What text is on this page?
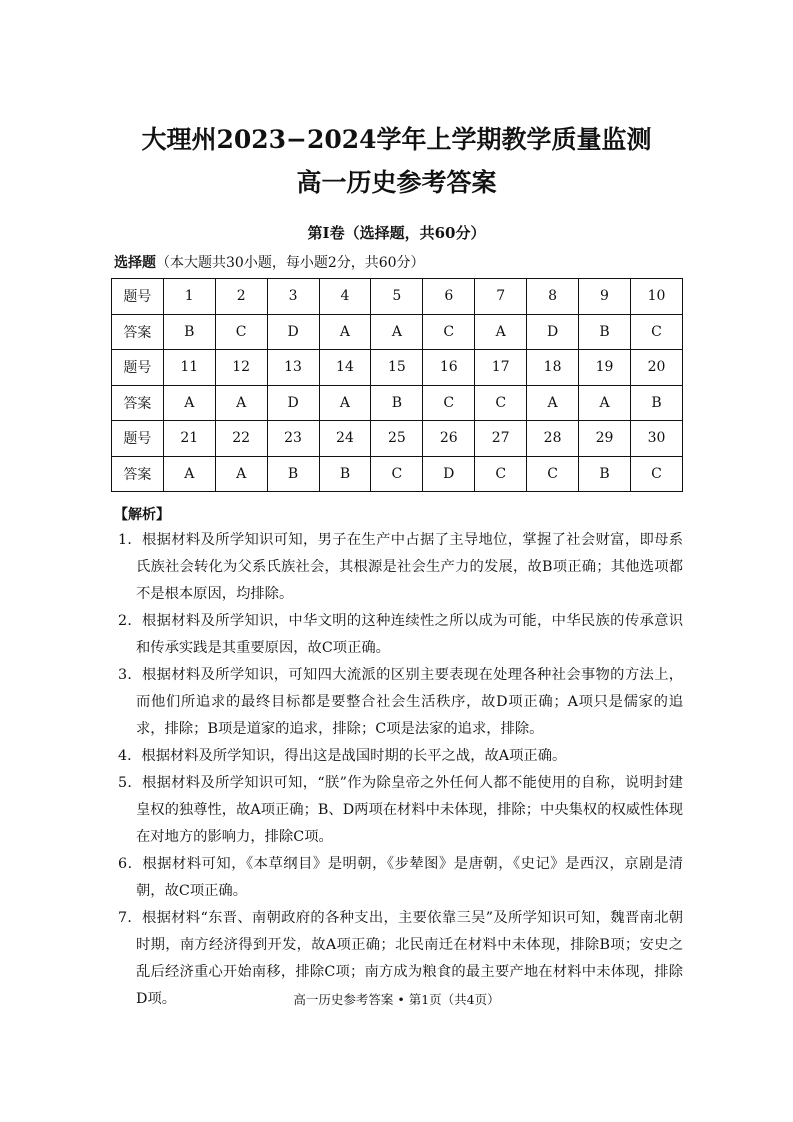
大理州2023−2024学年上学期教学质量监测
高一历史参考答案
第Ⅰ卷（选择题，共60分）
选择题（本大题共30小题，每小题2分，共60分）
题号	1	2	3	4	5	6	7	8	9	10
答案	B	C	D	A	A	C	A	D	B	C
题号	11	12	13	14	15	16	17	18	19	20
答案	A	A	D	A	B	C	C	A	A	B
题号	21	22	23	24	25	26	27	28	29	30
答案	A	A	B	B	C	D	C	C	B	C
【解析】
1．根据材料及所学知识可知，男子在生产中占据了主导地位，掌握了社会财富，即母系氏族社会转化为父系氏族社会，其根源是社会生产力的发展，故B项正确；其他选项都不是根本原因，均排除。
2．根据材料及所学知识，中华文明的这种连续性之所以成为可能，中华民族的传承意识和传承实践是其重要原因，故C项正确。
3．根据材料及所学知识，可知四大流派的区别主要表现在处理各种社会事物的方法上，而他们所追求的最终目标都是要整合社会生活秩序，故D项正确；A项只是儒家的追求，排除；B项是道家的追求，排除；C项是法家的追求，排除。
4．根据材料及所学知识，得出这是战国时期的长平之战，故A项正确。
5．根据材料及所学知识可知，“朕”作为除皇帝之外任何人都不能使用的自称，说明封建皇权的独尊性，故A项正确；B、D两项在材料中未体现，排除；中央集权的权威性体现在对地方的影响力，排除C项。
6．根据材料可知，《本草纲目》是明朝，《步辇图》是唐朝，《史记》是西汉，京剧是清朝，故C项正确。
7．根据材料“东晋、南朝政府的各种支出，主要依靠三吴”及所学知识可知，魏晋南北朝时期，南方经济得到开发，故A项正确；北民南迁在材料中未体现，排除B项；安史之乱后经济重心开始南移，排除C项；南方成为粮食的最主要产地在材料中未体现，排除D项。	高一历史参考答案 • 第1页（共4页）
